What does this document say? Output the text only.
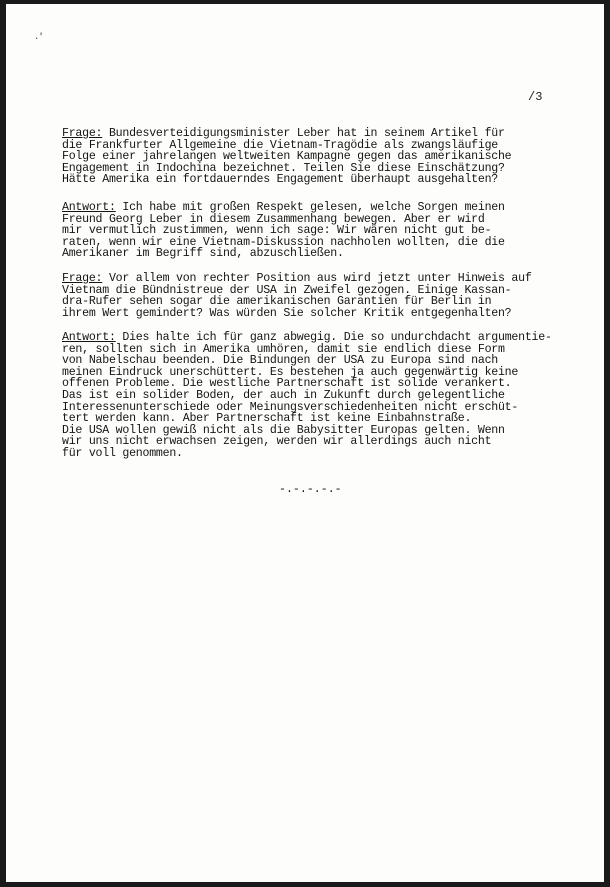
.'
/3
Frage: Bundesverteidigungsminister Leber hat in seinem Artikel für
die Frankfurter Allgemeine die Vietnam-Tragödie als zwangsläufige
Folge einer jahrelangen weltweiten Kampagne gegen das amerikanische
Engagement in Indochina bezeichnet. Teilen Sie diese Einschätzung?
Hätte Amerika ein fortdauerndes Engagement überhaupt ausgehalten?
Antwort: Ich habe mit großen Respekt gelesen, welche Sorgen meinen
Freund Georg Leber in diesem Zusammenhang bewegen. Aber er wird
mir vermutlich zustimmen, wenn ich sage: Wir wären nicht gut be-
raten, wenn wir eine Vietnam-Diskussion nachholen wollten, die die
Amerikaner im Begriff sind, abzuschließen.
Frage: Vor allem von rechter Position aus wird jetzt unter Hinweis auf
Vietnam die Bündnistreue der USA in Zweifel gezogen. Einige Kassan-
dra-Rufer sehen sogar die amerikanischen Garantien für Berlin in
ihrem Wert gemindert? Was würden Sie solcher Kritik entgegenhalten?
Antwort: Dies halte ich für ganz abwegig. Die so undurchdacht argumentie-
ren, sollten sich in Amerika umhören, damit sie endlich diese Form
von Nabelschau beenden. Die Bindungen der USA zu Europa sind nach
meinen Eindruck unerschüttert. Es bestehen ja auch gegenwärtig keine
offenen Probleme. Die westliche Partnerschaft ist solide verankert.
Das ist ein solider Boden, der auch in Zukunft durch gelegentliche
Interessenunterschiede oder Meinungsverschiedenheiten nicht erschüt-
tert werden kann. Aber Partnerschaft ist keine Einbahnstraße.
Die USA wollen gewiß nicht als die Babysitter Europas gelten. Wenn
wir uns nicht erwachsen zeigen, werden wir allerdings auch nicht
für voll genommen.
-.-.-.-.-
